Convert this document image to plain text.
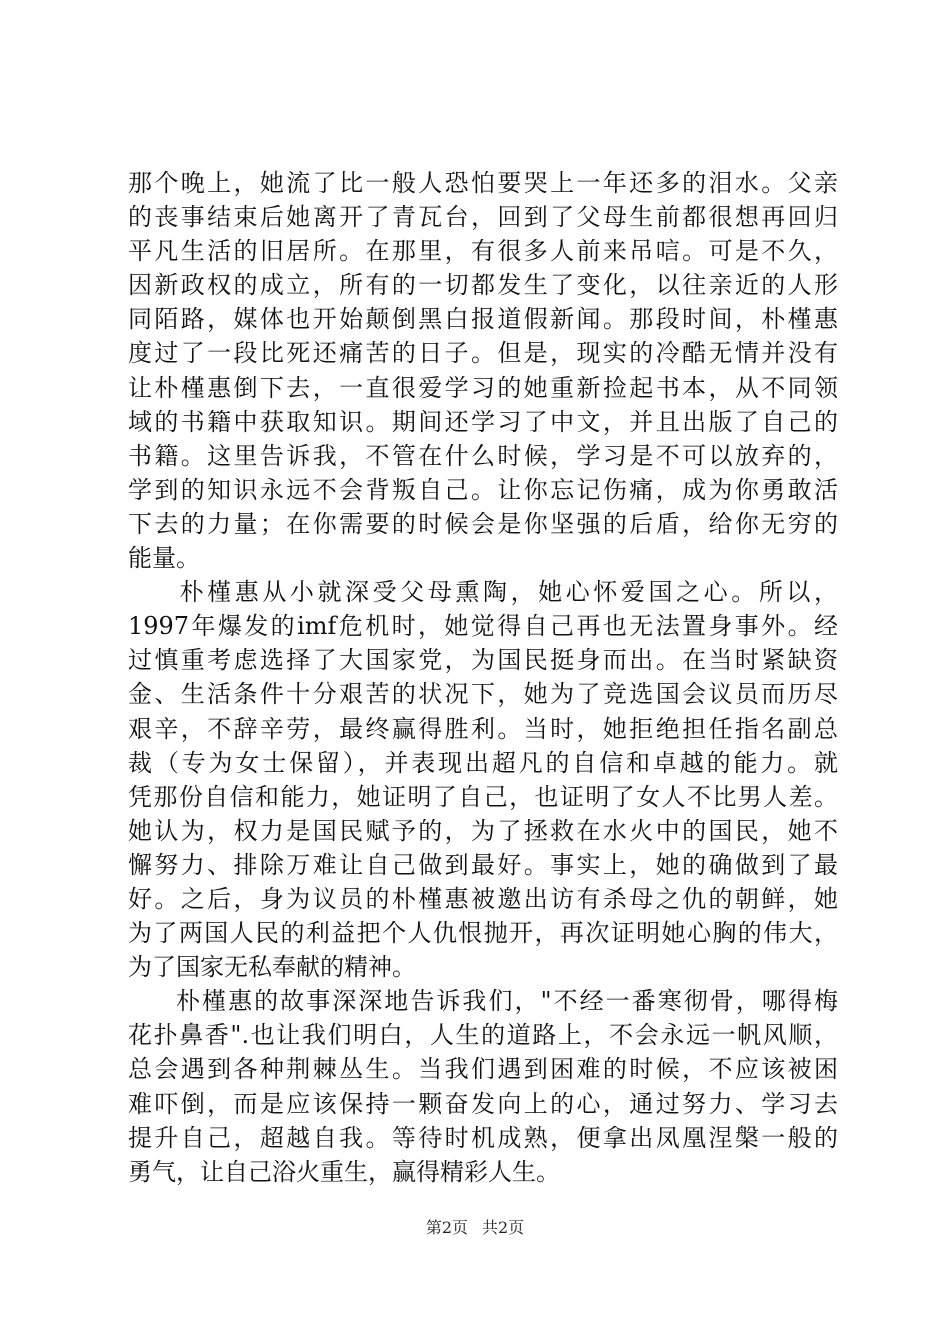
那个晚上，她流了比一般人恐怕要哭上一年还多的泪水。父亲
的丧事结束后她离开了青瓦台，回到了父母生前都很想再回归
平凡生活的旧居所。在那里，有很多人前来吊唁。可是不久，
因新政权的成立，所有的一切都发生了变化，以往亲近的人形
同陌路，媒体也开始颠倒黑白报道假新闻。那段时间，朴槿惠
度过了一段比死还痛苦的日子。但是，现实的冷酷无情并没有
让朴槿惠倒下去，一直很爱学习的她重新捡起书本，从不同领
域的书籍中获取知识。期间还学习了中文，并且出版了自己的
书籍。这里告诉我，不管在什么时候，学习是不可以放弃的，
学到的知识永远不会背叛自己。让你忘记伤痛，成为你勇敢活
下去的力量；在你需要的时候会是你坚强的后盾，给你无穷的
能量。
　朴槿惠从小就深受父母熏陶，她心怀爱国之心。所以，
1997年爆发的imf危机时，她觉得自己再也无法置身事外。经
过慎重考虑选择了大国家党，为国民挺身而出。在当时紧缺资
金、生活条件十分艰苦的状况下，她为了竞选国会议员而历尽
艰辛，不辞辛劳，最终赢得胜利。当时，她拒绝担任指名副总
裁（专为女士保留），并表现出超凡的自信和卓越的能力。就
凭那份自信和能力，她证明了自己，也证明了女人不比男人差。
她认为，权力是国民赋予的，为了拯救在水火中的国民，她不
懈努力、排除万难让自己做到最好。事实上，她的确做到了最
好。之后，身为议员的朴槿惠被邀出访有杀母之仇的朝鲜，她
为了两国人民的利益把个人仇恨抛开，再次证明她心胸的伟大，
为了国家无私奉献的精神。
朴槿惠的故事深深地告诉我们，"不经一番寒彻骨，哪得梅
花扑鼻香".也让我们明白，人生的道路上，不会永远一帆风顺，
总会遇到各种荆棘丛生。当我们遇到困难的时候，不应该被困
难吓倒，而是应该保持一颗奋发向上的心，通过努力、学习去
提升自己，超越自我。等待时机成熟，便拿出凤凰涅槃一般的
勇气，让自己浴火重生，赢得精彩人生。
第2页 共2页
